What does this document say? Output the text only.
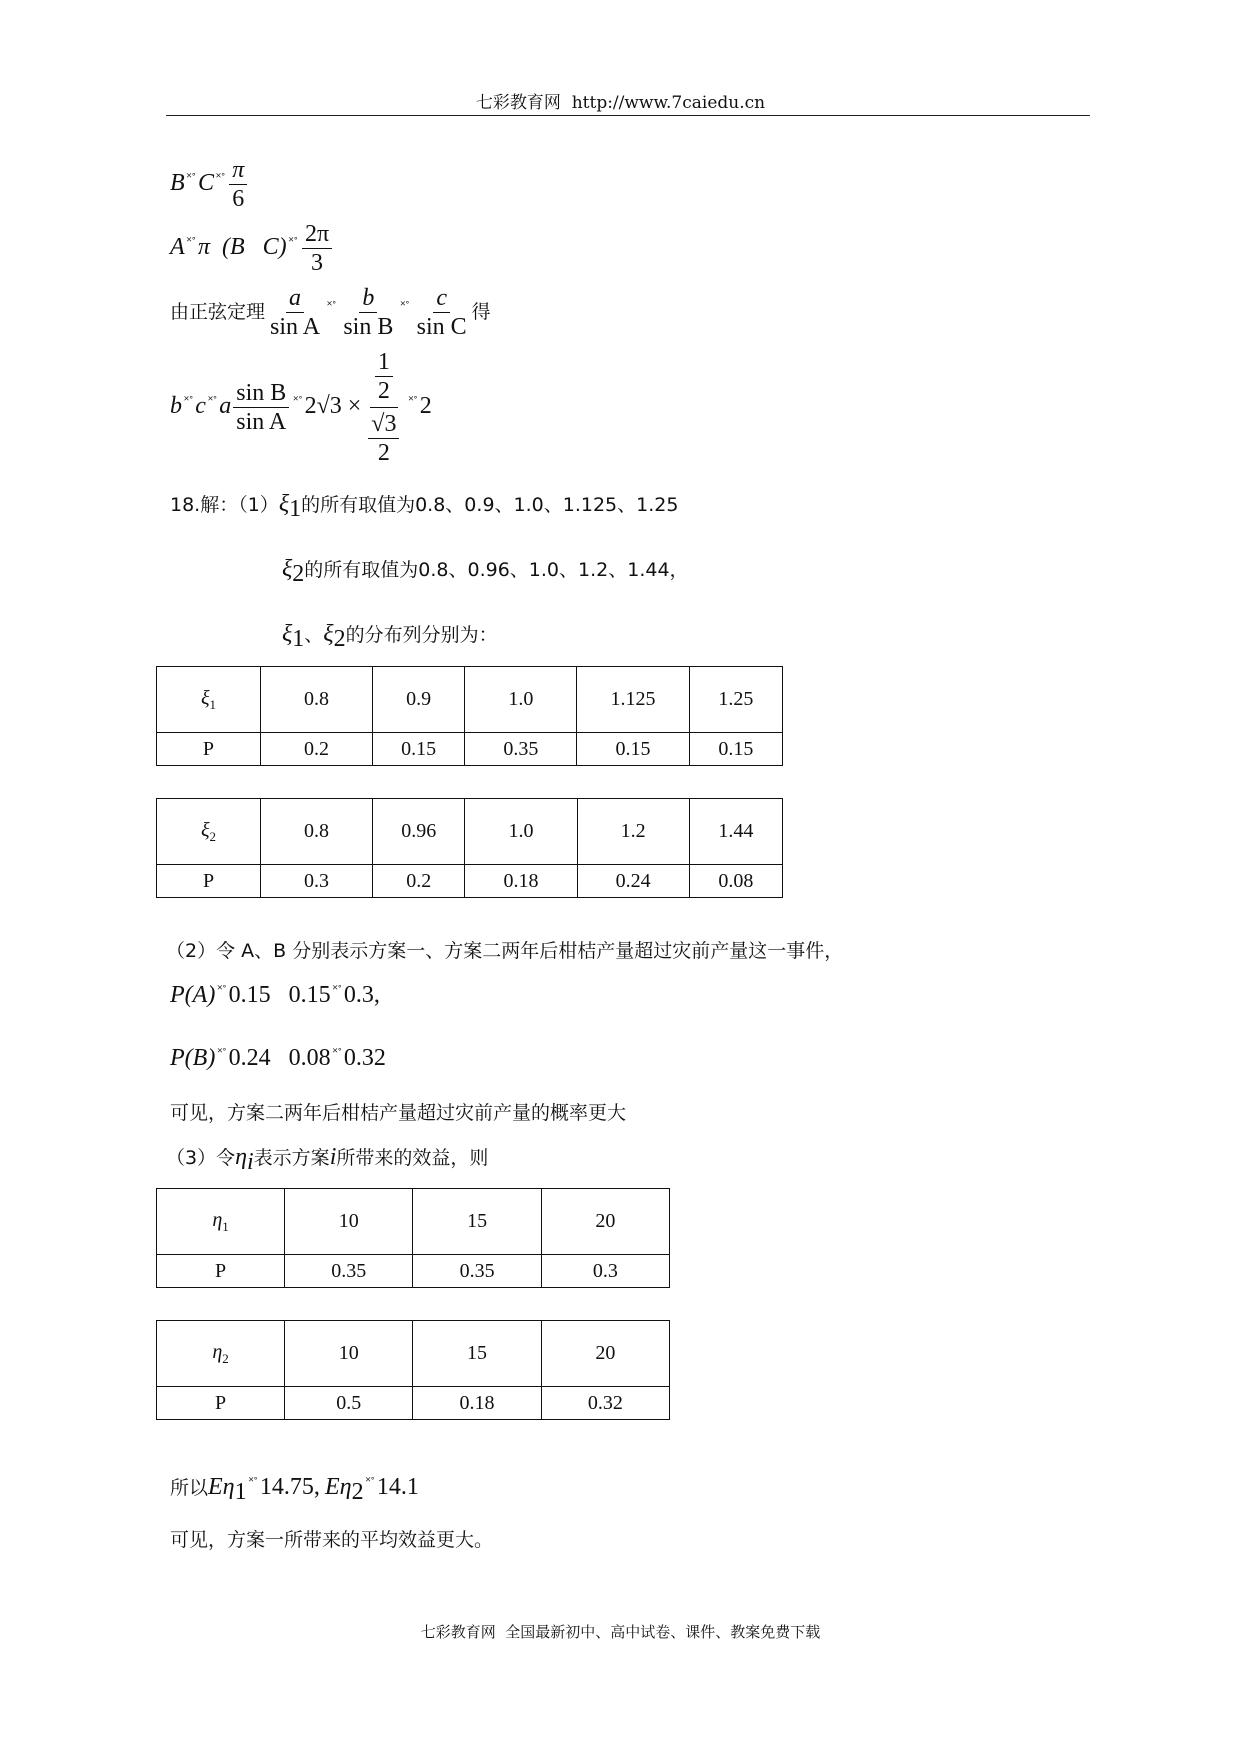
七彩教育网 http://www.7caiedu.cn
B ˟˚C $^{˟˚} \frac{\pi}{6}$
A ˟˚π (B   C) $^{˟˚} \frac{2\pi}{3}$
由正弦定理 $\frac{a}{\text{sin A}} ^{˟˚} \frac{b}{\text{sin B}} ^{˟˚} \frac{c}{\text{sin C}}$ 得
b ˟˚c $^{˟˚}a \frac{\text{sin B}}{\text{sin A}} ^{˟˚}2√3 \times \frac{\frac{1}{2}}{\frac{√3}{2}} ^{˟˚}2$
18.解：$(1)\xi_1$的所有取值为0.8、0.9、1.0、1.125、1.25
$\xi_2$的所有取值为0.8、0.96、1.0、1.2、1.44，
$\xi_1$、$\xi_2$的分布列分别为：
$\xi_1$	0.8	0.9	1.0	1.125	1.25
P	0.2	0.15	0.35	0.15	0.15
$\xi_2$	0.8	0.96	1.0	1.2	1.44
P	0.3	0.2	0.18	0.24	0.08
（2）令 A、B 分别表示方案一、方案二两年后柑桔产量超过灾前产量这一事件，
P(A) ˟˚0.15   0.15 ˟˚0.3,
P(B) ˟˚0.24   0.08 ˟˚0.32
可见，方案二两年后柑桔产量超过灾前产量的概率更大
（3）令$\eta_i$表示方案i所带来的效益，则
$\eta_1$	10	15	20
P	0.35	0.35	0.3
$\eta_2$	10	15	20
P	0.5	0.18	0.32
所以$E\eta_1$ ˟˚14.75, $E\eta_2$ ˟˚14.1
可见，方案一所带来的平均效益更大。
七彩教育网  全国最新初中、高中试卷、课件、教案免费下载
